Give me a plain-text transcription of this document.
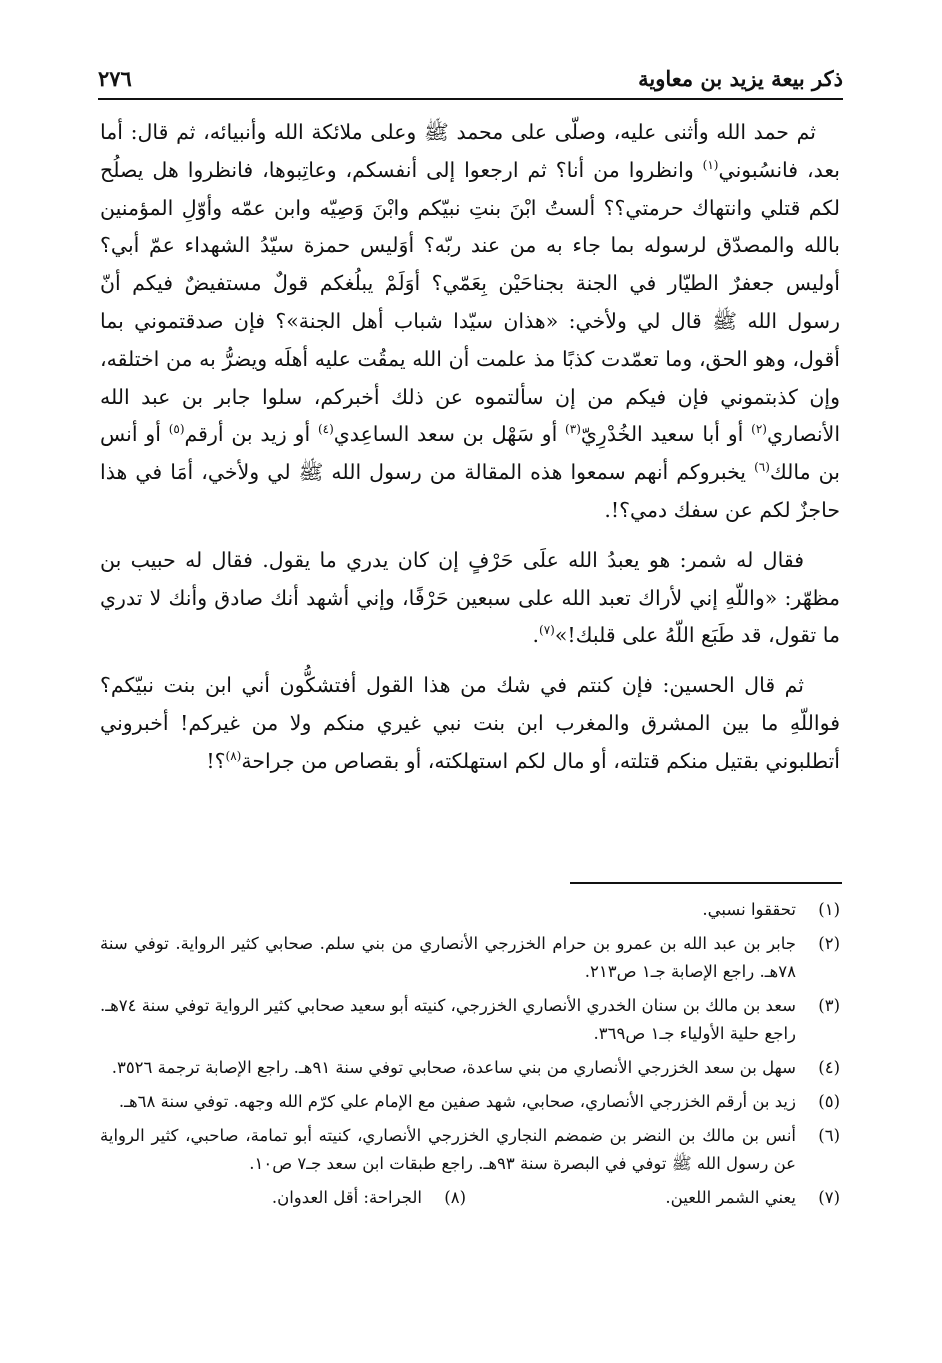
ذكر بيعة يزيد بن معاوية
٢٧٦

ثم حمد الله وأثنى عليه، وصلّى على محمد ﷺ وعلى ملائكة الله وأنبيائه، ثم قال: أما بعد، فانسُبوني$^{(١)}$ وانظروا من أنا؟ ثم ارجعوا إلى أنفسكم، وعاتِبوها، فانظروا هل يصلُح لكم قتلي وانتهاك حرمتي؟؟ ألستُ ابْنَ بنتِ نبيّكم وابْنَ وَصِيّه وابن عمّه وأوّلِ المؤمنين بالله والمصدّق لرسوله بما جاء به من عند ربّه؟ أوَليس حمزة سيّدُ الشهداء عمّ أبي؟ أوليس جعفرٌ الطيّار في الجنة بجناحَيْن بِعَمّي؟ أوَلَمْ يبلُغكم قولٌ مستفيضٌ فيكم أنّ رسول الله ﷺ قال لي ولأخي: «هذان سيّدا شباب أهل الجنة»؟ فإن صدقتموني بما أقول، وهو الحق، وما تعمّدت كذبًا مذ علمت أن الله يمقُت عليه أهلَه ويضرُّ به من اختلقه، وإن كذبتموني فإن فيكم من إن سألتموه عن ذلك أخبركم، سلوا جابر بن عبد الله الأنصاري$^{(٢)}$ أو أبا سعيد الخُدْرِيّ$^{(٣)}$ أو سَهْل بن سعد الساعِدي$^{(٤)}$ أو زيد بن أرقم$^{(٥)}$ أو أنس بن مالك$^{(٦)}$ يخبروكم أنهم سمعوا هذه المقالة من رسول الله ﷺ لي ولأخي، أمَا في هذا حاجزٌ لكم عن سفك دمي؟!.

فقال له شمر: هو يعبدُ الله علَى حَرْفٍ إن كان يدري ما يقول. فقال له حبيب بن مظهّر: «واللّهِ إني لأراك تعبد الله على سبعين حَرْفًا، وإني أشهد أنك صادق وأنك لا تدري ما تقول، قد طَبَع اللّهُ على قلبك!»$^{(٧)}$.

ثم قال الحسين: فإن كنتم في شك من هذا القول أفتشكُّون أني ابن بنت نبيّكم؟ فواللّهِ ما بين المشرق والمغرب ابن بنت نبي غيري منكم ولا من غيركم! أخبروني أتطلبوني بقتيل منكم قتلته، أو مال لكم استهلكته، أو بقصاص من جراحة$^{(٨)}$؟!

(١)
تحققوا نسبي.
(٢)
جابر بن عبد الله بن عمرو بن حرام الخزرجي الأنصاري من بني سلم. صحابي كثير الرواية. توفي سنة ٧٨هـ. راجع الإصابة جـ١ ص٢١٣.
(٣)
سعد بن مالك بن سنان الخدري الأنصاري الخزرجي، كنيته أبو سعيد صحابي كثير الرواية توفي سنة ٧٤هـ. راجع حلية الأولياء جـ١ ص٣٦٩.
(٤)
سهل بن سعد الخزرجي الأنصاري من بني ساعدة، صحابي توفي سنة ٩١هـ. راجع الإصابة ترجمة ٣٥٢٦.
(٥)
زيد بن أرقم الخزرجي الأنصاري، صحابي، شهد صفين مع الإمام علي كرّم الله وجهه. توفي سنة ٦٨هـ.
(٦)
أنس بن مالك بن النضر بن ضمضم النجاري الخزرجي الأنصاري، كنيته أبو تمامة، صاحبي، كثير الرواية عن رسول الله ﷺ توفي في البصرة سنة ٩٣هـ. راجع طبقات ابن سعد جـ٧ ص١٠.
(٧)
يعني الشمر اللعين.
(٨)
الجراحة: أقل العدوان.
